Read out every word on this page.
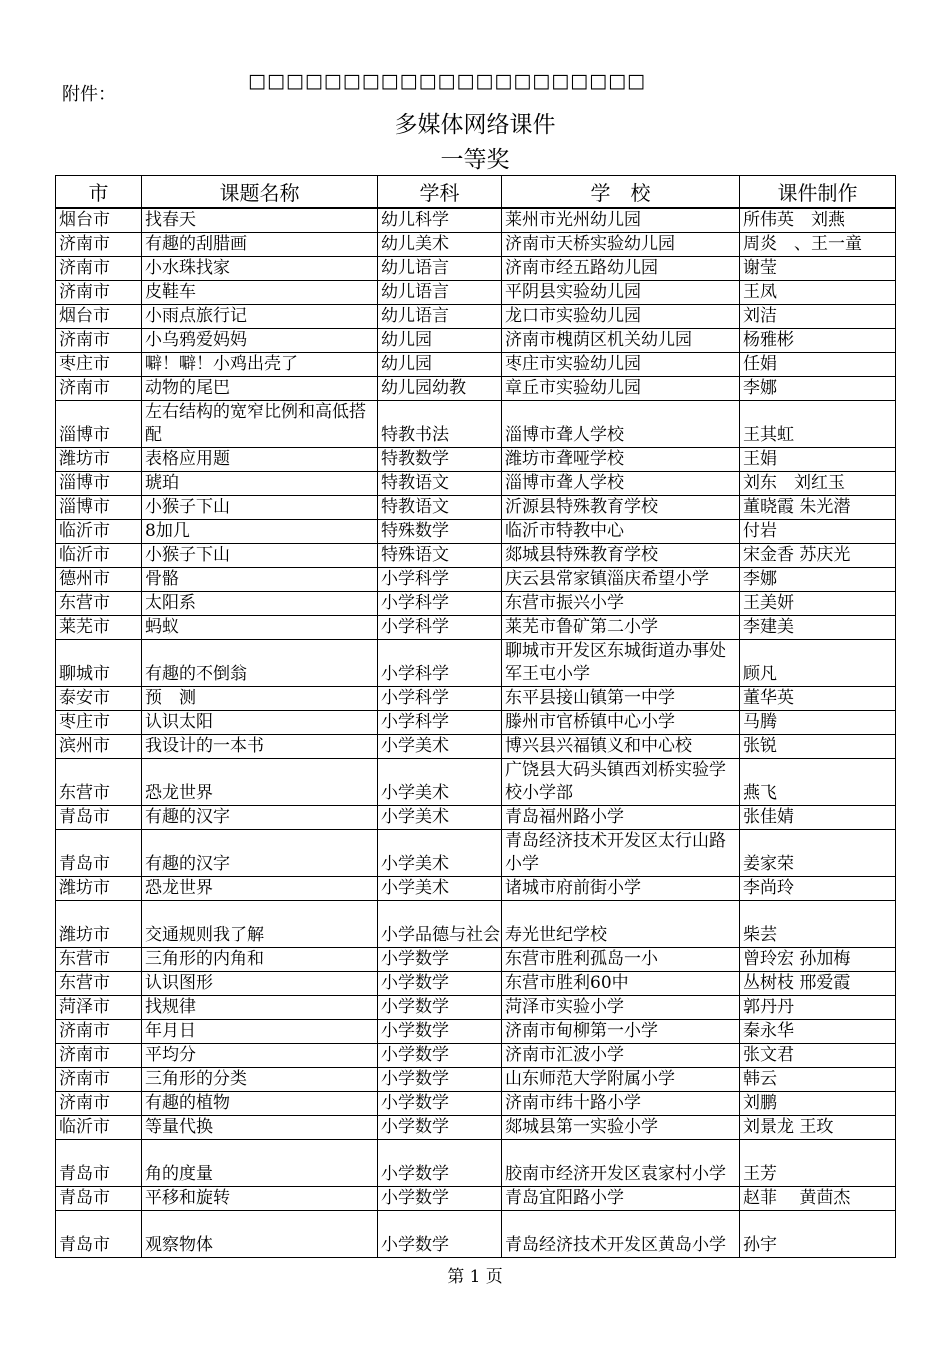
附件：
□□□□□□□□□□□□□□□□□□□□□
多媒体网络课件
一等奖
市	课题名称	学科	学　校	课件制作
烟台市	找春天	幼儿科学	莱州市光州幼儿园	所伟英　刘燕
济南市	有趣的刮腊画	幼儿美术	济南市天桥实验幼儿园	周炎　、王一童
济南市	小水珠找家	幼儿语言	济南市经五路幼儿园	谢莹
济南市	皮鞋车	幼儿语言	平阴县实验幼儿园	王凤
烟台市	小雨点旅行记	幼儿语言	龙口市实验幼儿园	刘洁
济南市	小乌鸦爱妈妈	幼儿园	济南市槐荫区机关幼儿园	杨雅彬
枣庄市	噼！噼！小鸡出壳了	幼儿园	枣庄市实验幼儿园	任娟
济南市	动物的尾巴	幼儿园幼教	章丘市实验幼儿园	李娜
淄博市	左右结构的宽窄比例和高低搭配	特教书法	淄博市聋人学校	王其虹
潍坊市	表格应用题	特教数学	潍坊市聋哑学校	王娟
淄博市	琥珀	特教语文	淄博市聋人学校	刘东　刘红玉
淄博市	小猴子下山	特教语文	沂源县特殊教育学校	董晓霞 朱光潜
临沂市	8加几	特殊数学	临沂市特教中心	付岩
临沂市	小猴子下山	特殊语文	郯城县特殊教育学校	宋金香 苏庆光
德州市	骨骼	小学科学	庆云县常家镇淄庆希望小学	李娜
东营市	太阳系	小学科学	东营市振兴小学	王美妍
莱芜市	蚂蚁	小学科学	莱芜市鲁矿第二小学	李建美
聊城市	有趣的不倒翁	小学科学	聊城市开发区东城街道办事处军王屯小学	顾凡
泰安市	预　测	小学科学	东平县接山镇第一中学	董华英
枣庄市	认识太阳	小学科学	滕州市官桥镇中心小学	马腾
滨州市	我设计的一本书	小学美术	博兴县兴福镇义和中心校	张锐
东营市	恐龙世界	小学美术	广饶县大码头镇西刘桥实验学校小学部	燕飞
青岛市	有趣的汉字	小学美术	青岛福州路小学	张佳婧
青岛市	有趣的汉字	小学美术	青岛经济技术开发区太行山路小学	姜家荣
潍坊市	恐龙世界	小学美术	诸城市府前街小学	李尚玲
潍坊市	交通规则我了解	小学品德与社会	寿光世纪学校	柴芸
东营市	三角形的内角和	小学数学	东营市胜利孤岛一小	曾玲宏 孙加梅
东营市	认识图形	小学数学	东营市胜利60中	丛树枝 邢爱霞
菏泽市	找规律	小学数学	菏泽市实验小学	郭丹丹
济南市	年月日	小学数学	济南市甸柳第一小学	秦永华
济南市	平均分	小学数学	济南市汇波小学	张文君
济南市	三角形的分类	小学数学	山东师范大学附属小学	韩云
济南市	有趣的植物	小学数学	济南市纬十路小学	刘鹏
临沂市	等量代换	小学数学	郯城县第一实验小学	刘景龙 王玫
青岛市	角的度量	小学数学	胶南市经济开发区袁家村小学	王芳
青岛市	平移和旋转	小学数学	青岛宜阳路小学	赵菲　 黄茴杰
青岛市	观察物体	小学数学	青岛经济技术开发区黄岛小学	孙宇
第 1 页
